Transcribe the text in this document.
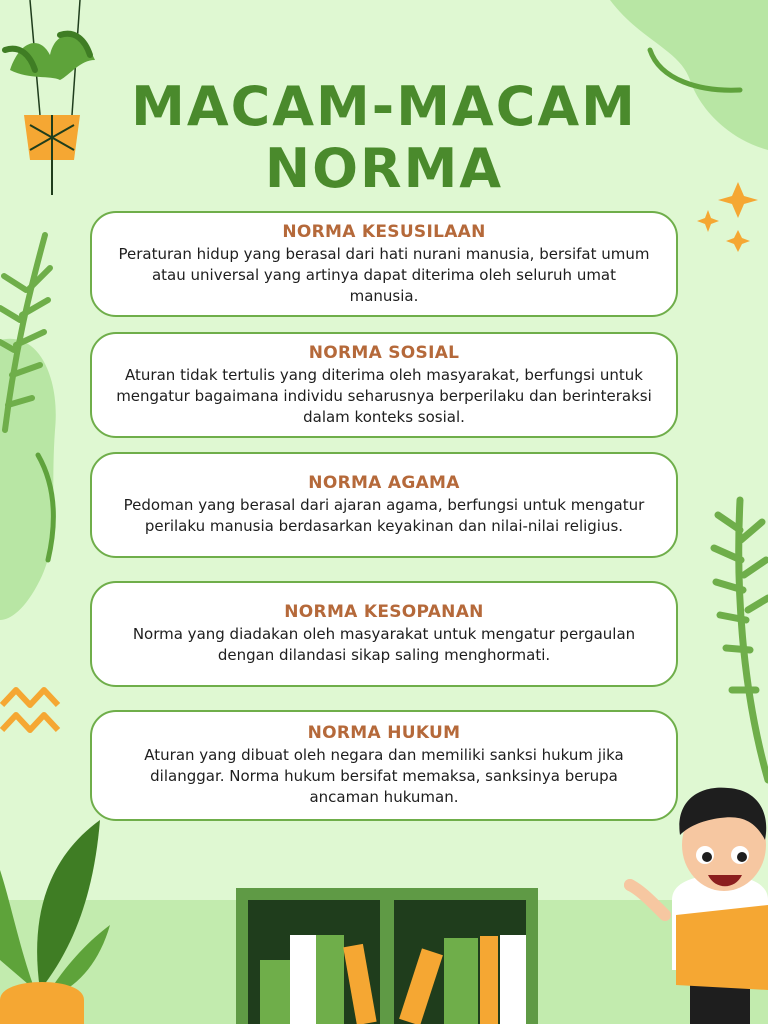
MACAM-MACAM
NORMA
NORMA KESUSILAAN

Peraturan hidup yang berasal dari hati nurani manusia, bersifat umum atau universal yang artinya dapat diterima oleh seluruh umat manusia.

NORMA SOSIAL

Aturan tidak tertulis yang diterima oleh masyarakat, berfungsi untuk mengatur bagaimana individu seharusnya berperilaku dan berinteraksi dalam konteks sosial.

NORMA AGAMA

Pedoman yang berasal dari ajaran agama, berfungsi untuk mengatur perilaku manusia berdasarkan keyakinan dan nilai-nilai religius.

NORMA KESOPANAN

Norma yang diadakan oleh masyarakat untuk mengatur pergaulan dengan dilandasi sikap saling menghormati.

NORMA HUKUM

Aturan yang dibuat oleh negara dan memiliki sanksi hukum jika dilanggar. Norma hukum bersifat memaksa, sanksinya berupa ancaman hukuman.
